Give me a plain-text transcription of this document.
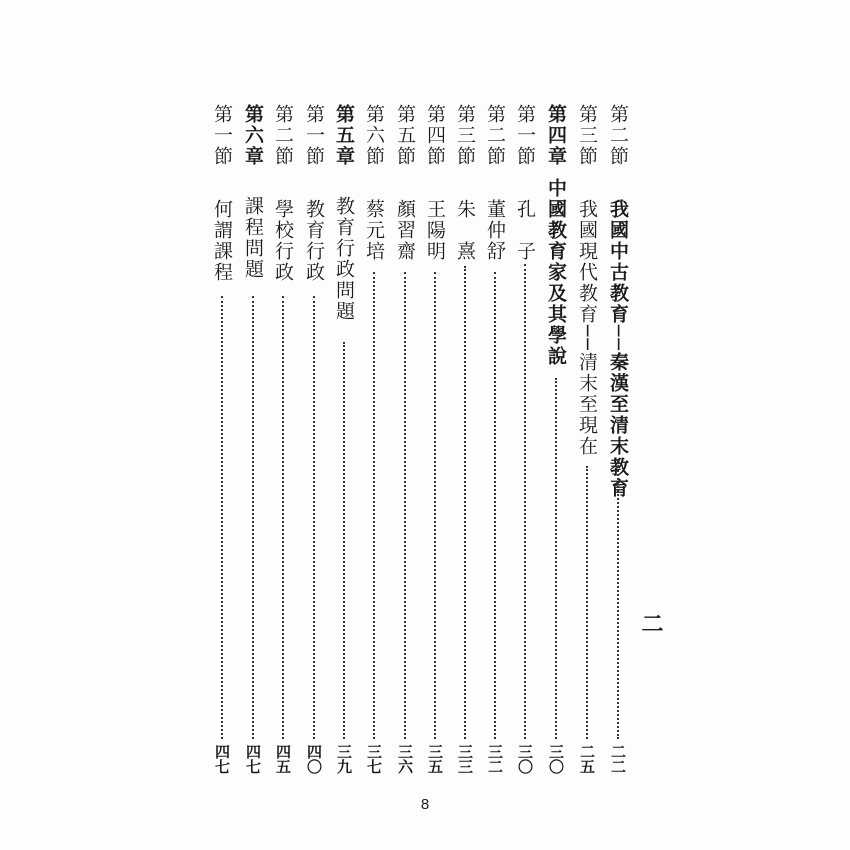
第二節
我國中古教育──秦漢至清末教育
二二
第三節
我國現代教育──清末至現在
二五
第四章
中國教育家及其學說
三〇
第一節
孔　子
三〇
第二節
董仲舒
三二
第三節
朱　熹
三三
第四節
王陽明
三五
第五節
顏習齋
三六
第六節
蔡元培
三七
第五章
教育行政問題
三九
第一節
教育行政
四〇
第二節
學校行政
四五
第六章
課程問題
四七
第一節
何謂課程
四七
二
8
